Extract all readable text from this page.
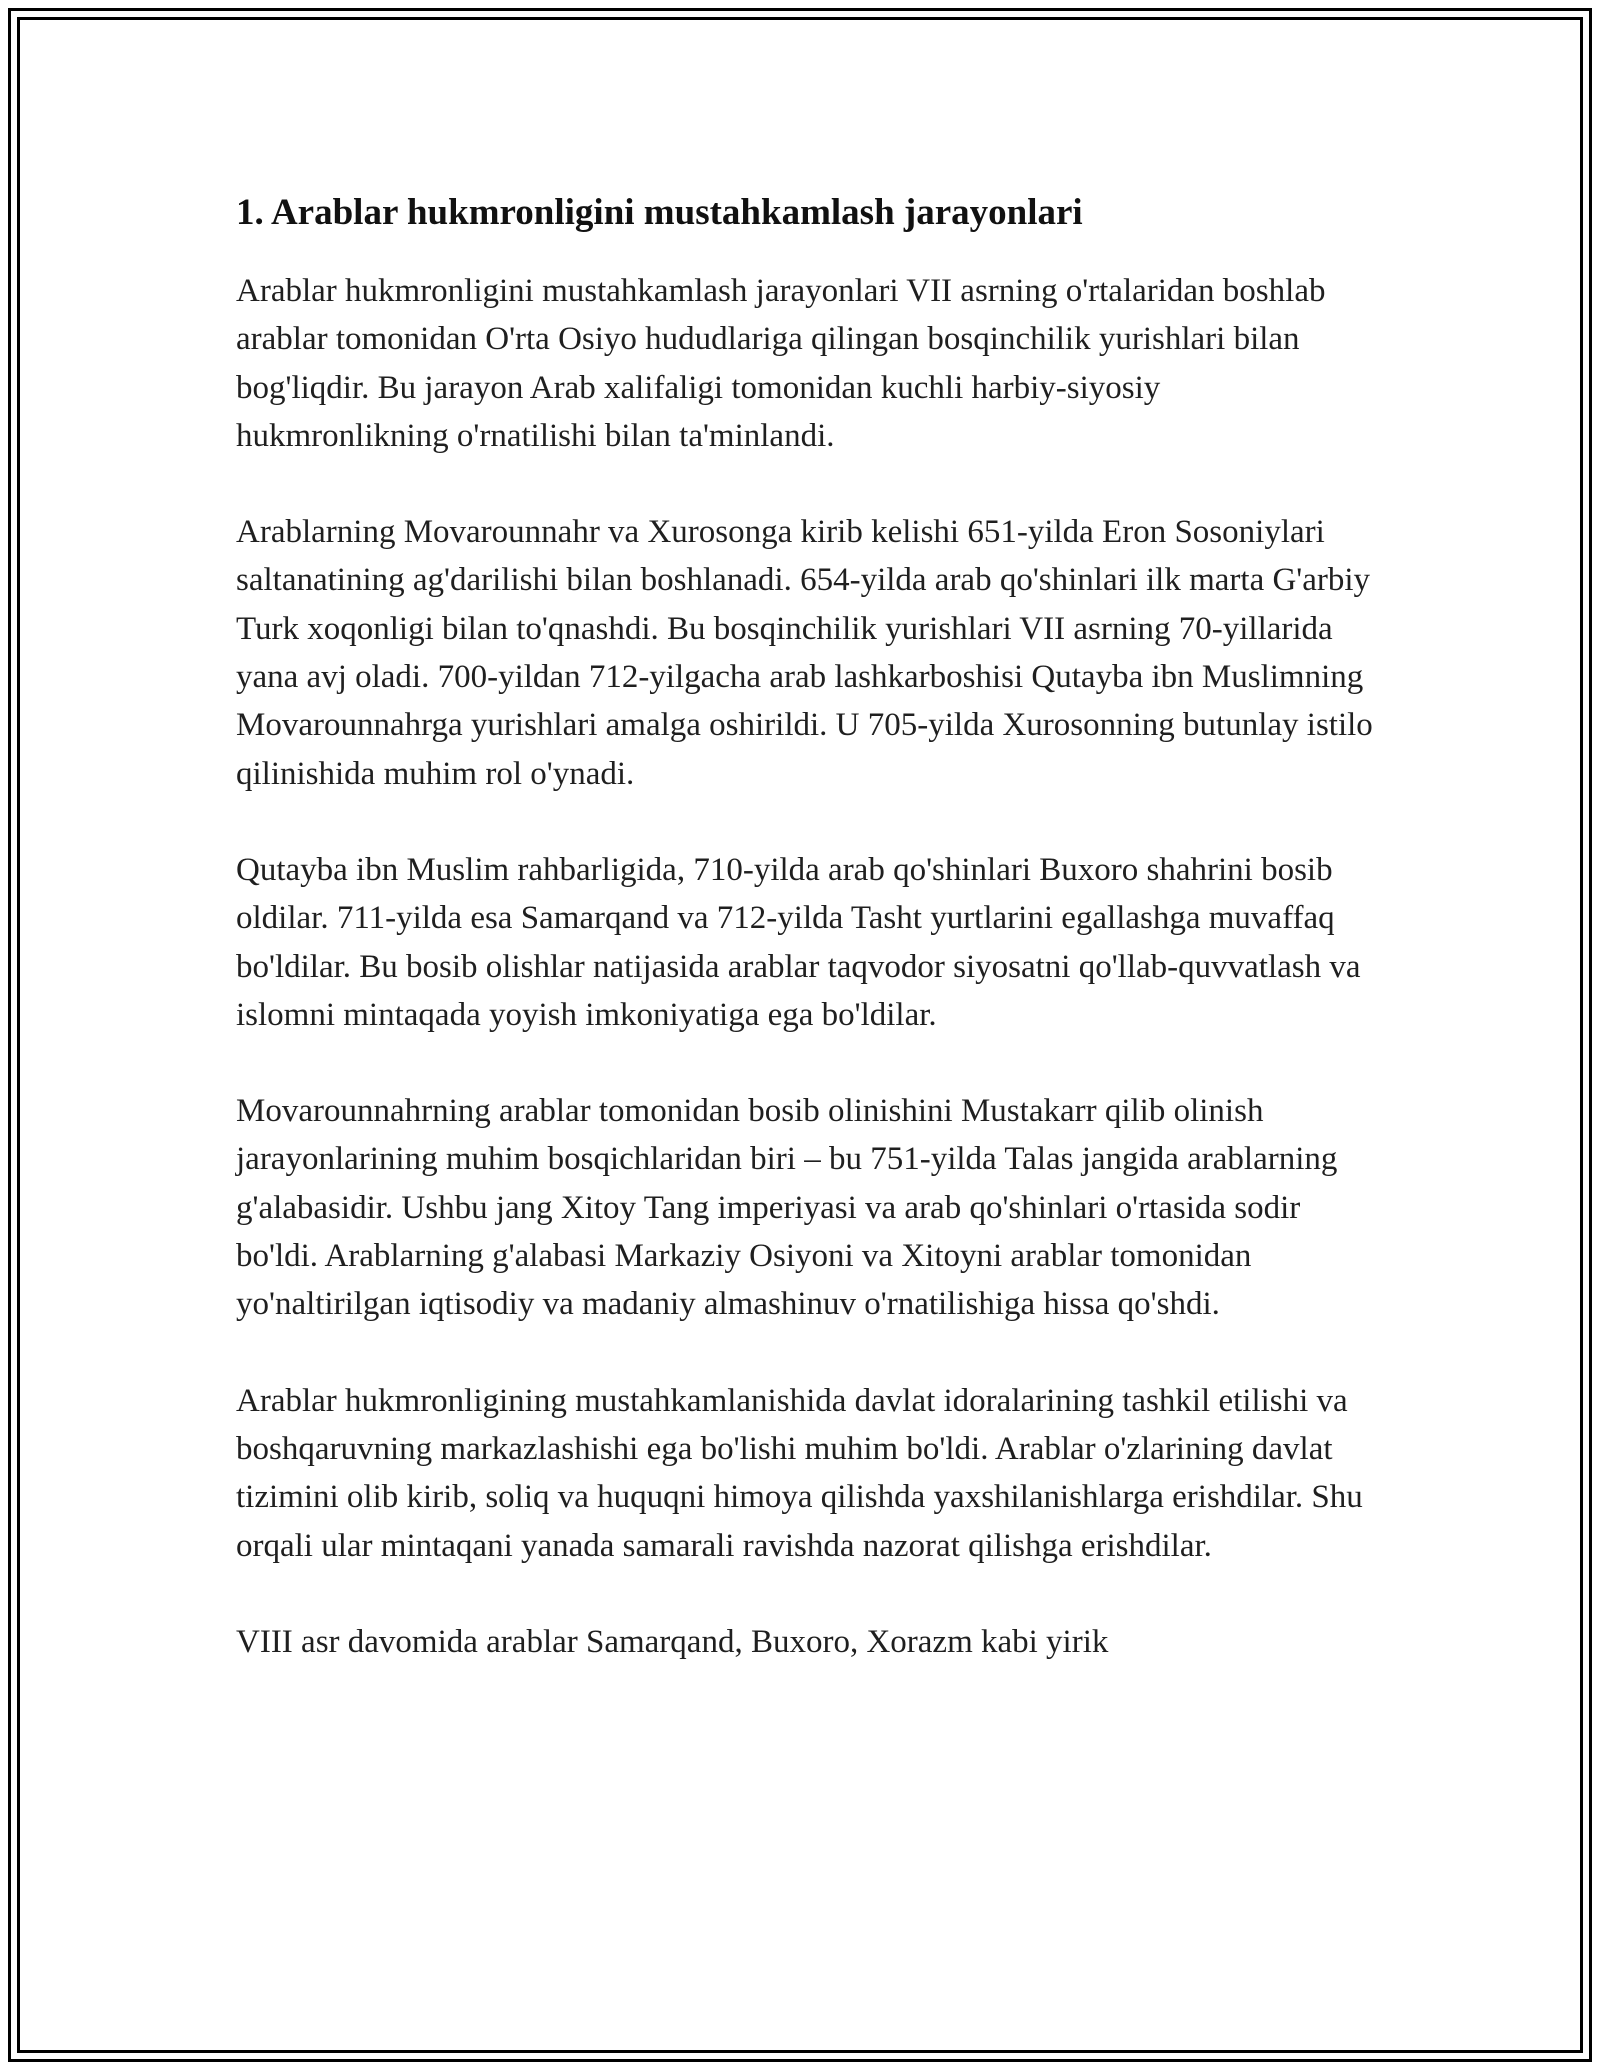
1. Arablar hukmronligini mustahkamlash jarayonlari

Arablar hukmronligini mustahkamlash jarayonlari VII asrning o'rtalaridan boshlab arablar tomonidan O'rta Osiyo hududlariga qilingan bosqinchilik yurishlari bilan bog'liqdir. Bu jarayon Arab xalifaligi tomonidan kuchli harbiy-siyosiy hukmronlikning o'rnatilishi bilan ta'minlandi.

Arablarning Movarounnahr va Xurosonga kirib kelishi 651-yilda Eron Sosoniylari saltanatining ag'darilishi bilan boshlanadi. 654-yilda arab qo'shinlari ilk marta G'arbiy Turk xoqonligi bilan to'qnashdi. Bu bosqinchilik yurishlari VII asrning 70-yillarida yana avj oladi. 700-yildan 712-yilgacha arab lashkarboshisi Qutayba ibn Muslimning Movarounnahrga yurishlari amalga oshirildi. U 705-yilda Xurosonning butunlay istilo qilinishida muhim rol o'ynadi.

Qutayba ibn Muslim rahbarligida, 710-yilda arab qo'shinlari Buxoro shahrini bosib oldilar. 711-yilda esa Samarqand va 712-yilda Tasht yurtlarini egallashga muvaffaq bo'ldilar. Bu bosib olishlar natijasida arablar taqvodor siyosatni qo'llab-quvvatlash va islomni mintaqada yoyish imkoniyatiga ega bo'ldilar.

Movarounnahrning arablar tomonidan bosib olinishini Mustakarr qilib olinish jarayonlarining muhim bosqichlaridan biri – bu 751-yilda Talas jangida arablarning g'alabasidir. Ushbu jang Xitoy Tang imperiyasi va arab qo'shinlari o'rtasida sodir bo'ldi. Arablarning g'alabasi Markaziy Osiyoni va Xitoyni arablar tomonidan yo'naltirilgan iqtisodiy va madaniy almashinuv o'rnatilishiga hissa qo'shdi.

Arablar hukmronligining mustahkamlanishida davlat idoralarining tashkil etilishi va boshqaruvning markazlashishi ega bo'lishi muhim bo'ldi. Arablar o'zlarining davlat tizimini olib kirib, soliq va huquqni himoya qilishda yaxshilanishlarga erishdilar. Shu orqali ular mintaqani yanada samarali ravishda nazorat qilishga erishdilar.

VIII asr davomida arablar Samarqand, Buxoro, Xorazm kabi yirik
